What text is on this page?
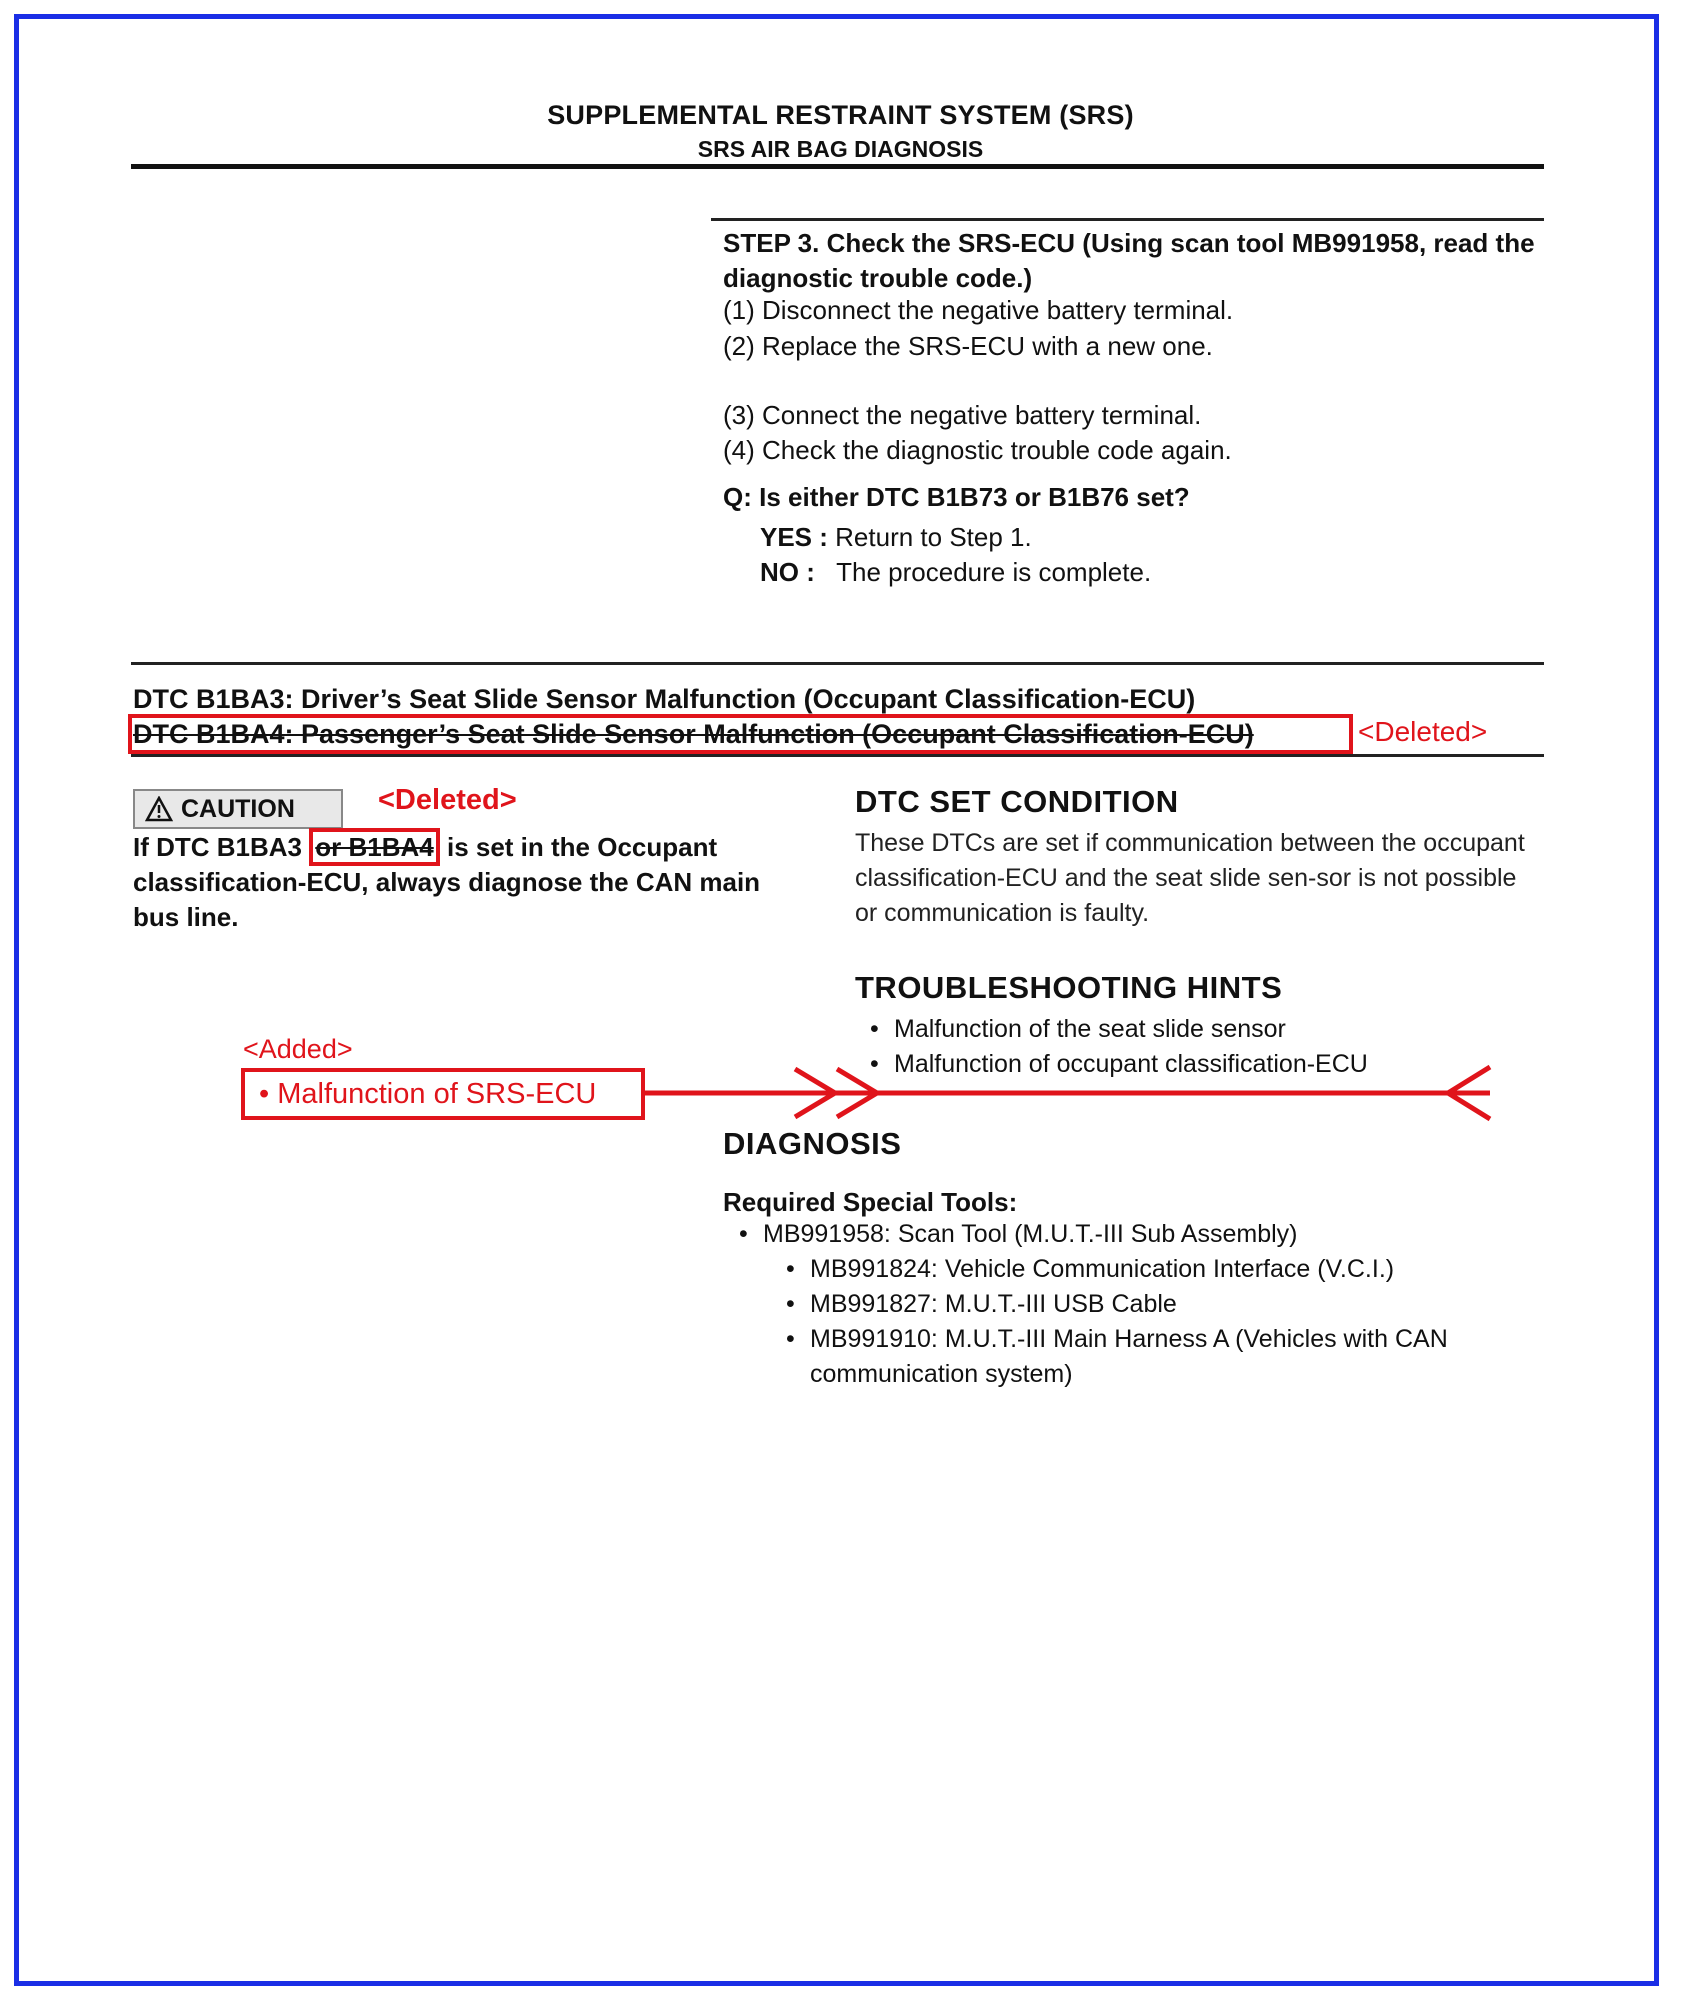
SUPPLEMENTAL RESTRAINT SYSTEM (SRS)
SRS AIR BAG DIAGNOSIS
STEP 3. Check the SRS-ECU (Using scan tool MB991958, read the diagnostic trouble code.)
(1) Disconnect the negative battery terminal.
(2) Replace the SRS-ECU with a new one.
(3) Connect the negative battery terminal.
(4) Check the diagnostic trouble code again.
Q: Is either DTC B1B73 or B1B76 set?
YES : Return to Step 1.
NO : The procedure is complete.
DTC B1BA3: Driver’s Seat Slide Sensor Malfunction (Occupant Classification-ECU)
DTC B1BA4: Passenger’s Seat Slide Sensor Malfunction (Occupant Classification-ECU)	<Deleted>
CAUTION	<Deleted>
If DTC B1BA3 or B1BA4 is set in the Occupant classification-ECU, always diagnose the CAN main bus line.
DTC SET CONDITION
These DTCs are set if communication between the occupant classification-ECU and the seat slide sen-sor is not possible or communication is faulty.
TROUBLESHOOTING HINTS
• Malfunction of the seat slide sensor
• Malfunction of occupant classification-ECU
<Added>
• Malfunction of SRS-ECU
DIAGNOSIS
Required Special Tools:
• MB991958: Scan Tool (M.U.T.-III Sub Assembly)
• MB991824: Vehicle Communication Interface (V.C.I.)
• MB991827: M.U.T.-III USB Cable
• MB991910: M.U.T.-III Main Harness A (Vehicles with CAN communication system)
